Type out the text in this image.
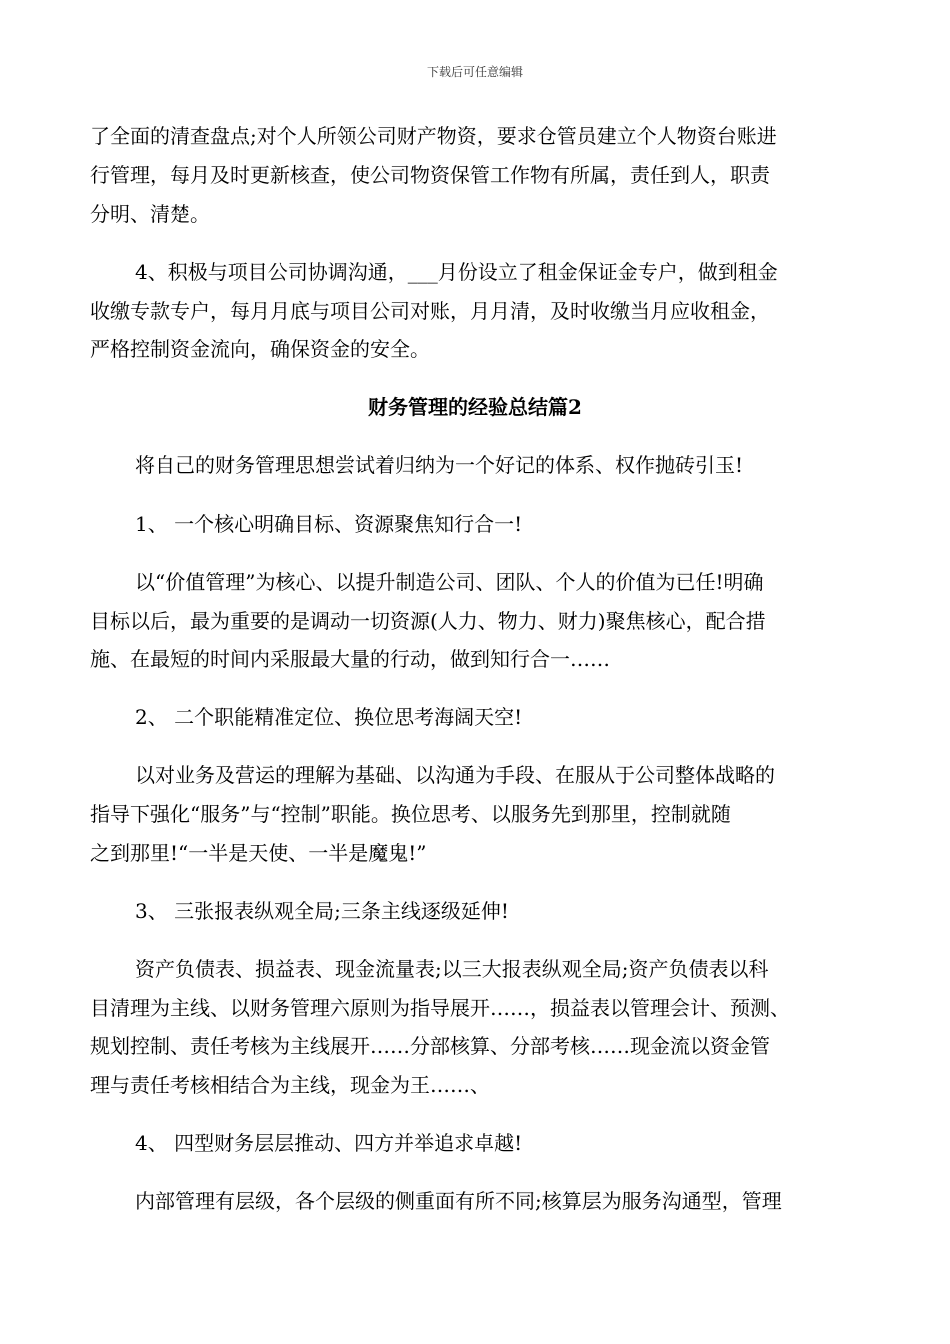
下载后可任意编辑
了全面的清查盘点;对个人所领公司财产物资，要求仓管员建立个人物资台账进
行管理，每月及时更新核查，使公司物资保管工作物有所属，责任到人，职责
分明、清楚。
4、积极与项目公司协调沟通，___月份设立了租金保证金专户，做到租金
收缴专款专户，每月月底与项目公司对账，月月清，及时收缴当月应收租金，
严格控制资金流向，确保资金的安全。
财务管理的经验总结篇2
将自己的财务管理思想尝试着归纳为一个好记的体系、权作抛砖引玉!
1、 一个核心明确目标、资源聚焦知行合一!
以“价值管理”为核心、以提升制造公司、团队、个人的价值为已任!明确
目标以后，最为重要的是调动一切资源(人力、物力、财力)聚焦核心，配合措
施、在最短的时间内采服最大量的行动，做到知行合一……
2、 二个职能精准定位、换位思考海阔天空!
以对业务及营运的理解为基础、以沟通为手段、在服从于公司整体战略的
指导下强化“服务”与“控制”职能。换位思考、以服务先到那里，控制就随
之到那里!“一半是天使、一半是魔鬼!”
3、 三张报表纵观全局;三条主线逐级延伸!
资产负债表、损益表、现金流量表;以三大报表纵观全局;资产负债表以科
目清理为主线、以财务管理六原则为指导展开……，损益表以管理会计、预测、
规划控制、责任考核为主线展开……分部核算、分部考核……现金流以资金管
理与责任考核相结合为主线，现金为王……、
4、 四型财务层层推动、四方并举追求卓越!
内部管理有层级，各个层级的侧重面有所不同;核算层为服务沟通型，管理
